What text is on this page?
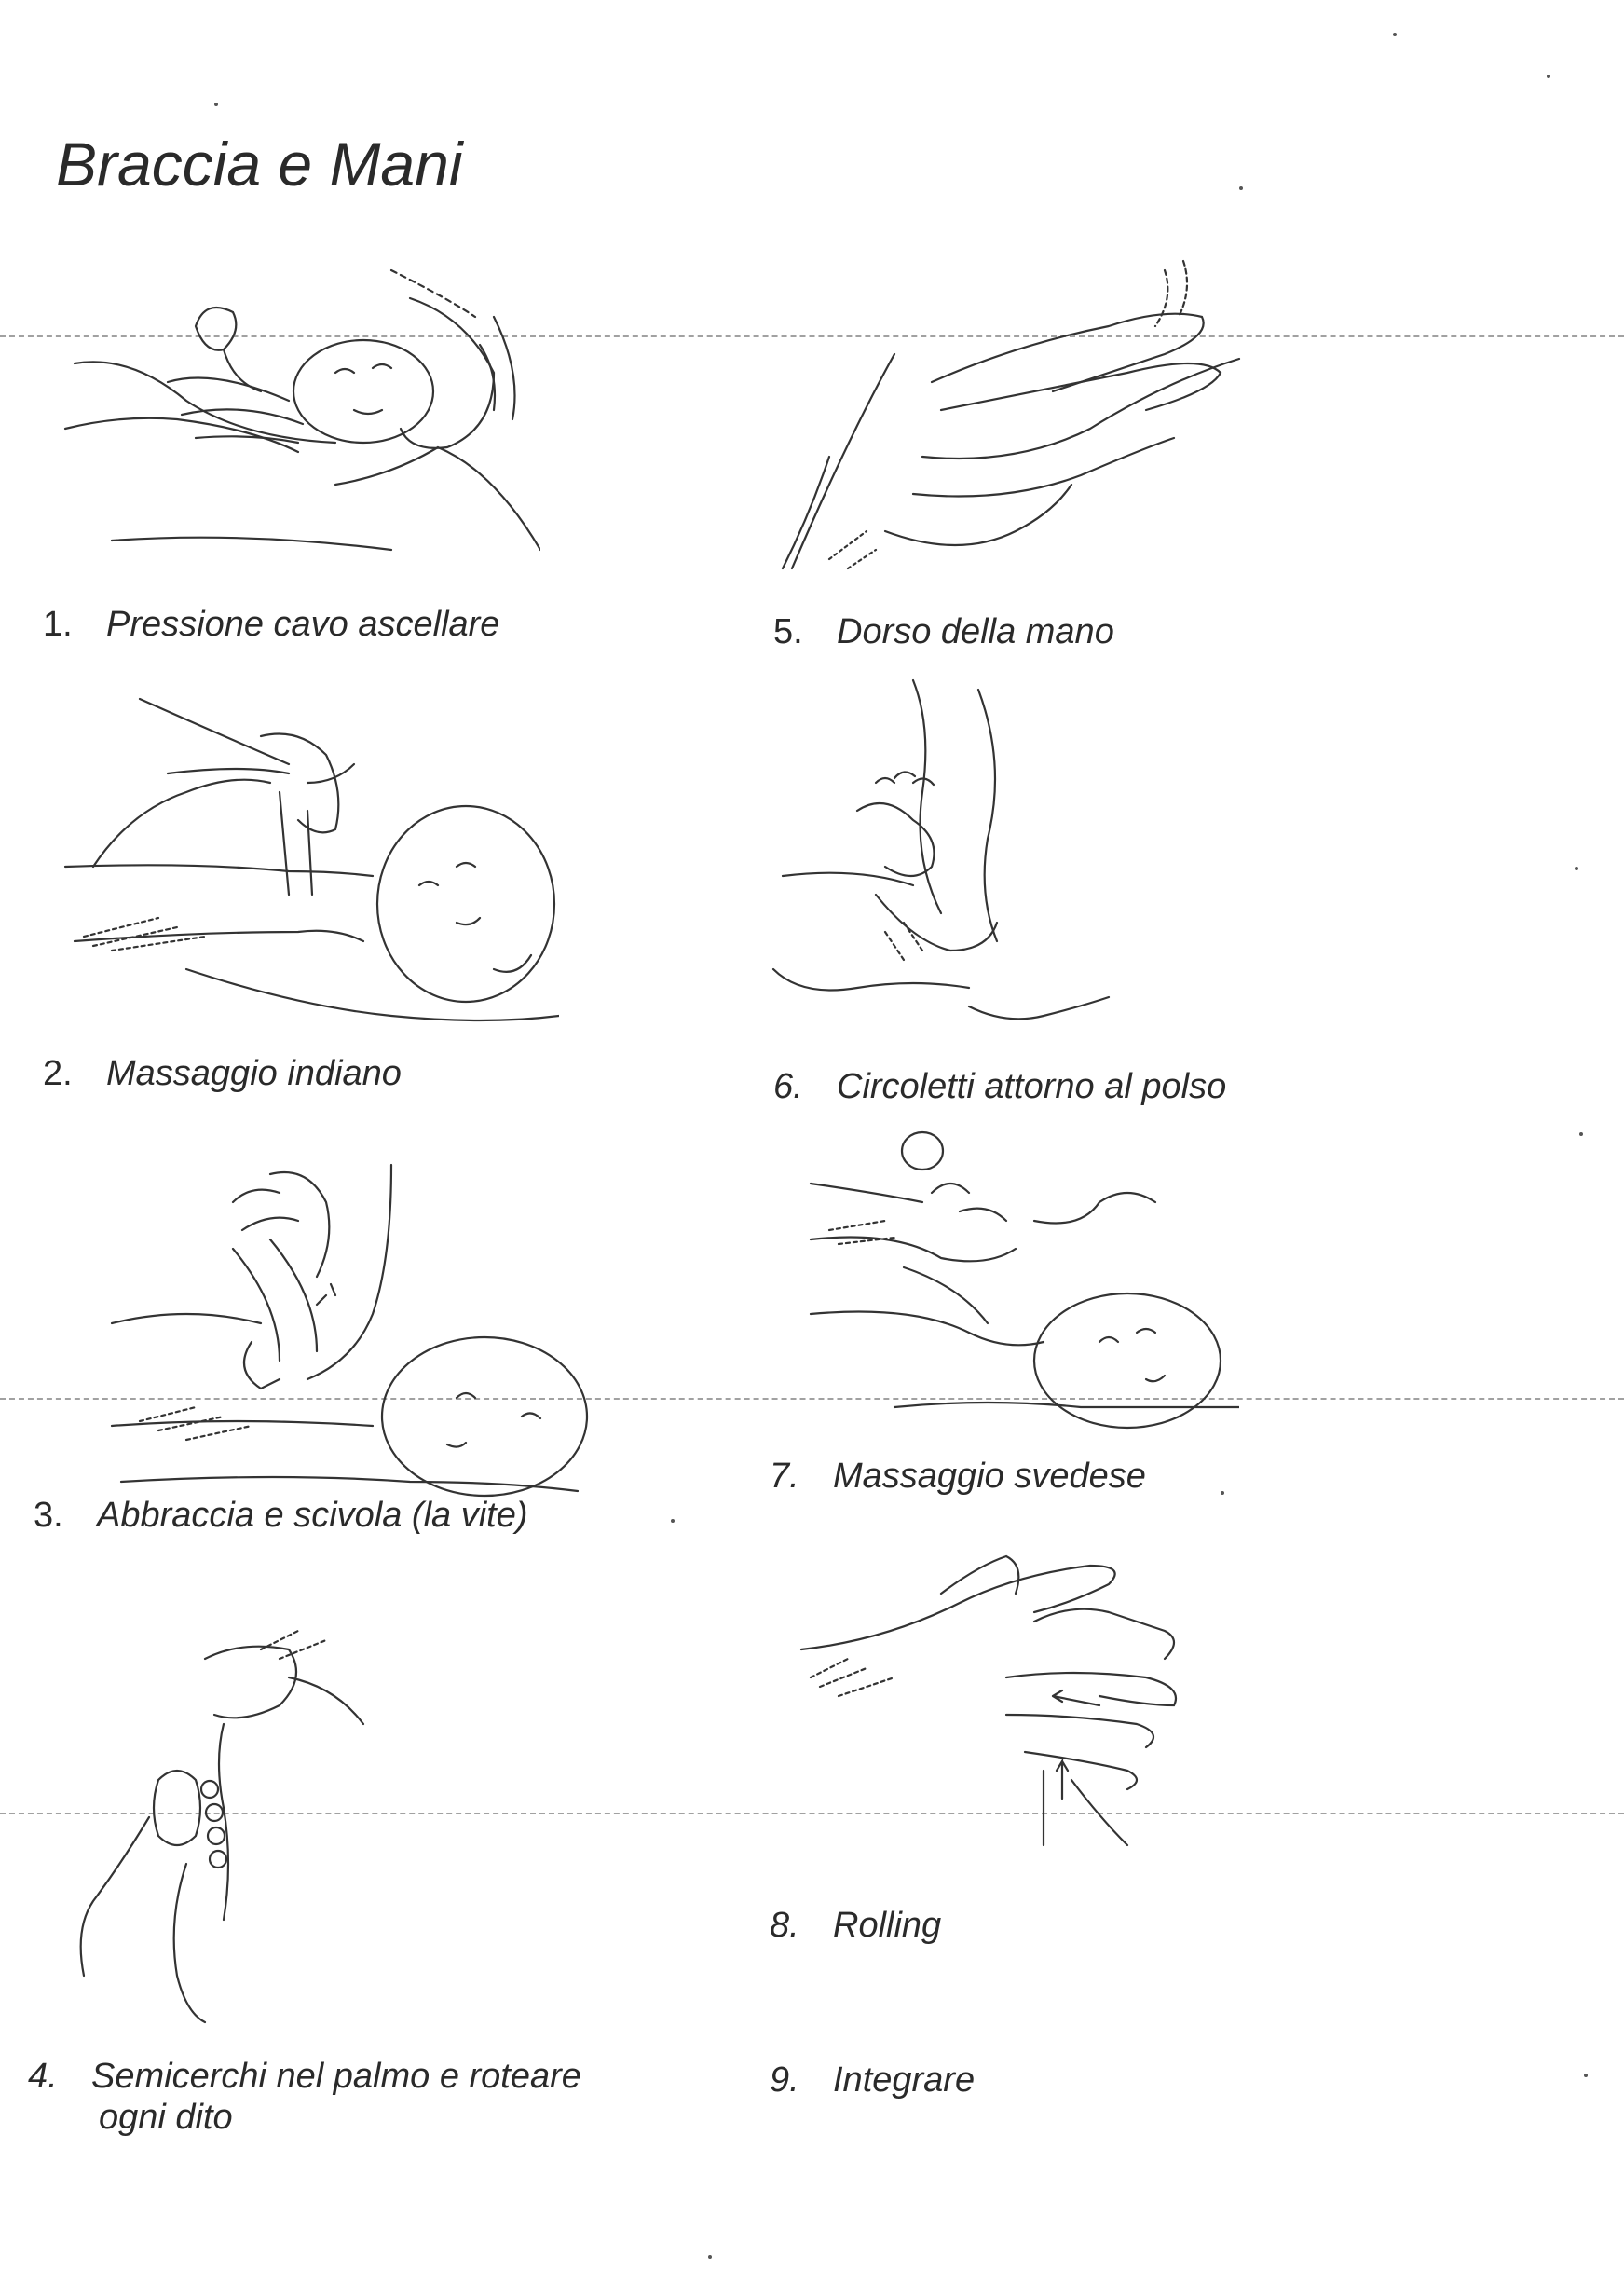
Braccia e Mani
1. Pressione cavo ascellare	5. Dorso della mano
2. Massaggio indiano	6. Circoletti attorno al polso
7. Massaggio svedese
3. Abbraccia e scivola (la vite)
8. Rolling
4. Semicerchi nel palmo e roteare
ogni dito
9. Integrare
